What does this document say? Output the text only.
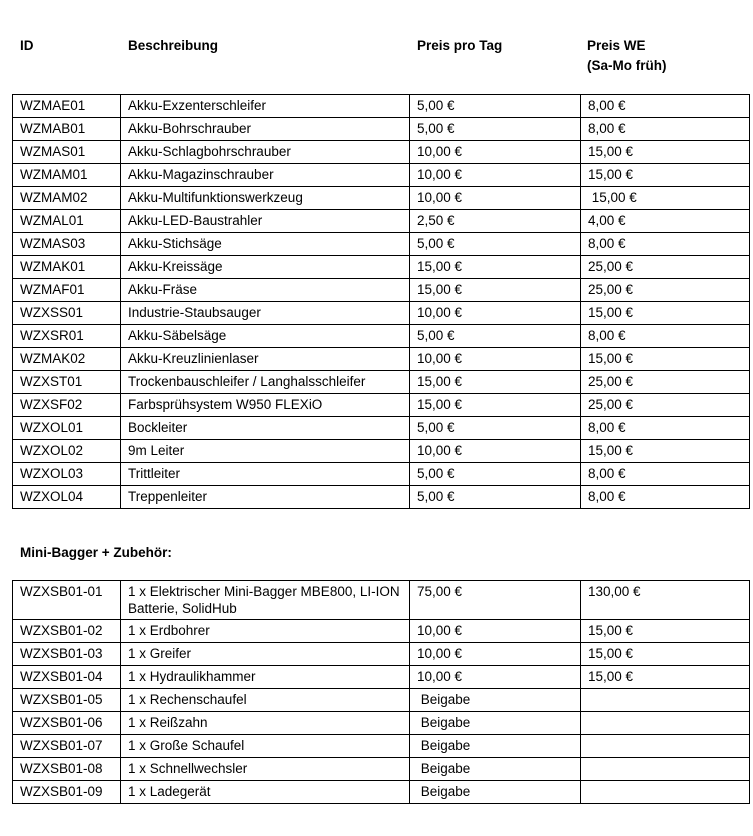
ID	Beschreibung	Preis pro Tag	Preis WE
(Sa-Mo früh)
WZMAE01	Akku-Exzenterschleifer	5,00 €	8,00 €
WZMAB01	Akku-Bohrschrauber	5,00 €	8,00 €
WZMAS01	Akku-Schlagbohrschrauber	10,00 €	15,00 €
WZMAM01	Akku-Magazinschrauber	10,00 €	15,00 €
WZMAM02	Akku-Multifunktionswerkzeug	10,00 €	15,00 €
WZMAL01	Akku-LED-Baustrahler	2,50 €	4,00 €
WZMAS03	Akku-Stichsäge	5,00 €	8,00 €
WZMAK01	Akku-Kreissäge	15,00 €	25,00 €
WZMAF01	Akku-Fräse	15,00 €	25,00 €
WZXSS01	Industrie-Staubsauger	10,00 €	15,00 €
WZXSR01	Akku-Säbelsäge	5,00 €	8,00 €
WZMAK02	Akku-Kreuzlinienlaser	10,00 €	15,00 €
WZXST01	Trockenbauschleifer / Langhalsschleifer	15,00 €	25,00 €
WZXSF02	Farbsprühsystem W950 FLEXiO	15,00 €	25,00 €
WZXOL01	Bockleiter	5,00 €	8,00 €
WZXOL02	9m Leiter	10,00 €	15,00 €
WZXOL03	Trittleiter	5,00 €	8,00 €
WZXOL04	Treppenleiter	5,00 €	8,00 €
Mini-Bagger + Zubehör:
WZXSB01-01	1 x Elektrischer Mini-Bagger MBE800, LI-ION Batterie, SolidHub	75,00 €	130,00 €
WZXSB01-02	1 x Erdbohrer	10,00 €	15,00 €
WZXSB01-03	1 x Greifer	10,00 €	15,00 €
WZXSB01-04	1 x Hydraulikhammer	10,00 €	15,00 €
WZXSB01-05	1 x Rechenschaufel	Beigabe	
WZXSB01-06	1 x Reißzahn	Beigabe	
WZXSB01-07	1 x Große Schaufel	Beigabe	
WZXSB01-08	1 x Schnellwechsler	Beigabe	
WZXSB01-09	1 x Ladegerät	Beigabe	
